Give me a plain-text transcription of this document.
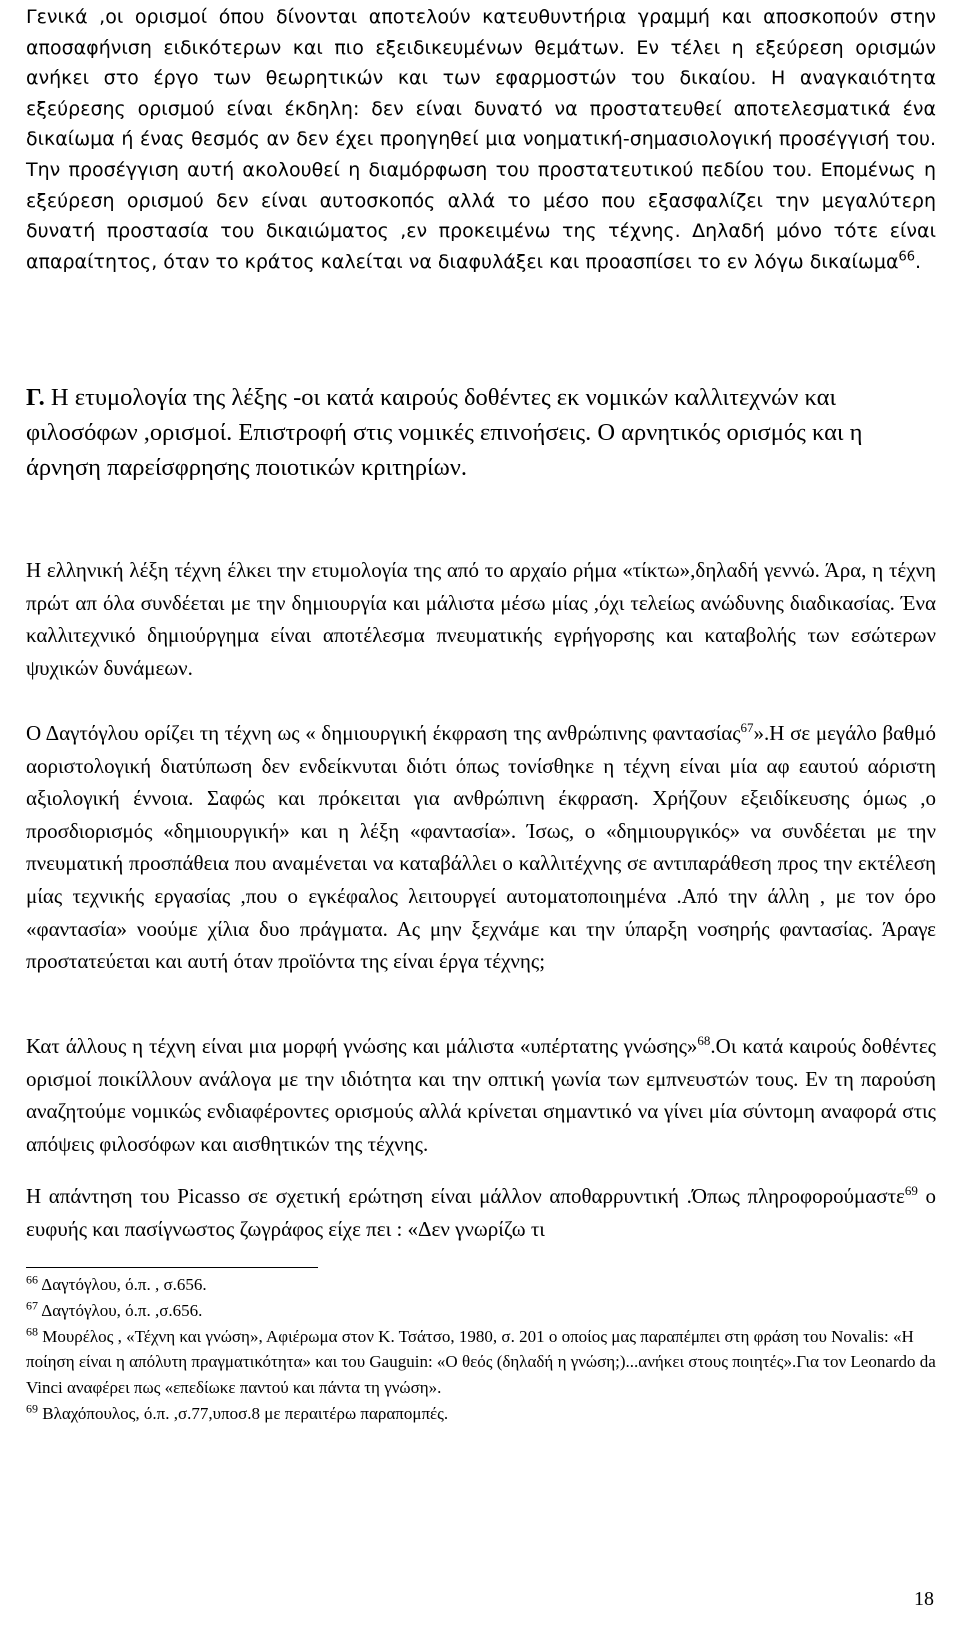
Γενικά ,οι ορισμοί όπου δίνονται αποτελούν κατευθυντήρια γραμμή και αποσκοπούν στην αποσαφήνιση ειδικότερων και πιο εξειδικευμένων θεμάτων. Εν τέλει η εξεύρεση ορισμών ανήκει στο έργο των θεωρητικών και των εφαρμοστών του δικαίου. Η αναγκαιότητα εξεύρεσης ορισμού είναι έκδηλη: δεν είναι δυνατό να προστατευθεί αποτελεσματικά ένα δικαίωμα ή ένας θεσμός αν δεν έχει προηγηθεί μια νοηματική-σημασιολογική προσέγγισή του. Την προσέγγιση αυτή ακολουθεί η διαμόρφωση του προστατευτικού πεδίου του. Επομένως η εξεύρεση ορισμού δεν είναι αυτοσκοπός αλλά το μέσο που εξασφαλίζει την μεγαλύτερη δυνατή προστασία του δικαιώματος ,εν προκειμένω της τέχνης. Δηλαδή μόνο τότε είναι απαραίτητος, όταν το κράτος καλείται να διαφυλάξει και προασπίσει το εν λόγω δικαίωμα$^{66}$.

Γ. Η ετυμολογία της λέξης -οι κατά καιρούς δοθέντες εκ νομικών καλλιτεχνών και φιλοσόφων ,ορισμοί. Επιστροφή στις νομικές επινοήσεις. Ο αρνητικός ορισμός και η άρνηση παρείσφρησης ποιοτικών κριτηρίων.

Η ελληνική λέξη τέχνη έλκει την ετυμολογία της από το αρχαίο ρήμα «τίκτω»,δηλαδή γεννώ. Άρα, η τέχνη πρώτ απ όλα συνδέεται με την δημιουργία και μάλιστα μέσω μίας ,όχι τελείως ανώδυνης διαδικασίας. Ένα καλλιτεχνικό δημιούργημα είναι αποτέλεσμα πνευματικής εγρήγορσης και καταβολής των εσώτερων ψυχικών δυνάμεων.

Ο Δαγτόγλου ορίζει τη τέχνη ως « δημιουργική έκφραση της ανθρώπινης φαντασίας$^{67}$».Η σε μεγάλο βαθμό αοριστολογική διατύπωση δεν ενδείκνυται διότι όπως τονίσθηκε η τέχνη είναι μία αφ εαυτού αόριστη αξιολογική έννοια. Σαφώς και πρόκειται για ανθρώπινη έκφραση. Χρήζουν εξειδίκευσης όμως ,ο προσδιορισμός «δημιουργική» και η λέξη «φαντασία». Ίσως, ο «δημιουργικός» να συνδέεται με την πνευματική προσπάθεια που αναμένεται να καταβάλλει ο καλλιτέχνης σε αντιπαράθεση προς την εκτέλεση μίας τεχνικής εργασίας ,που ο εγκέφαλος λειτουργεί αυτοματοποιημένα .Από την άλλη , με τον όρο «φαντασία» νοούμε χίλια δυο πράγματα. Ας μην ξεχνάμε και την ύπαρξη νοσηρής φαντασίας. Άραγε προστατεύεται και αυτή όταν προϊόντα της είναι έργα τέχνης;

Κατ άλλους η τέχνη είναι μια μορφή γνώσης και μάλιστα «υπέρτατης γνώσης»$^{68}$.Οι κατά καιρούς δοθέντες ορισμοί ποικίλλουν ανάλογα με την ιδιότητα και την οπτική γωνία των εμπνευστών τους. Εν τη παρούση αναζητούμε νομικώς ενδιαφέροντες ορισμούς αλλά κρίνεται σημαντικό να γίνει μία σύντομη αναφορά στις απόψεις φιλοσόφων και αισθητικών της τέχνης.

Η απάντηση του Picasso σε σχετική ερώτηση είναι μάλλον αποθαρρυντική .Όπως πληροφορούμαστε$^{69}$ ο ευφυής και πασίγνωστος ζωγράφος είχε πει : «Δεν γνωρίζω τι

$^{66}$ Δαγτόγλου, ό.π. , σ.656.

$^{67}$ Δαγτόγλου, ό.π. ,σ.656.

$^{68}$ Μουρέλος , «Τέχνη και γνώση», Αφιέρωμα στον Κ. Τσάτσο, 1980, σ. 201 ο οποίος μας παραπέμπει στη φράση του Novalis: «Η ποίηση είναι η απόλυτη πραγματικότητα» και του Gauguin: «Ο θεός (δηλαδή η γνώση;)...ανήκει στους ποιητές».Για τον Leonardo da Vinci αναφέρει πως «επεδίωκε παντού και πάντα τη γνώση».

$^{69}$ Βλαχόπουλος, ό.π. ,σ.77,υποσ.8 με περαιτέρω παραπομπές.

18
